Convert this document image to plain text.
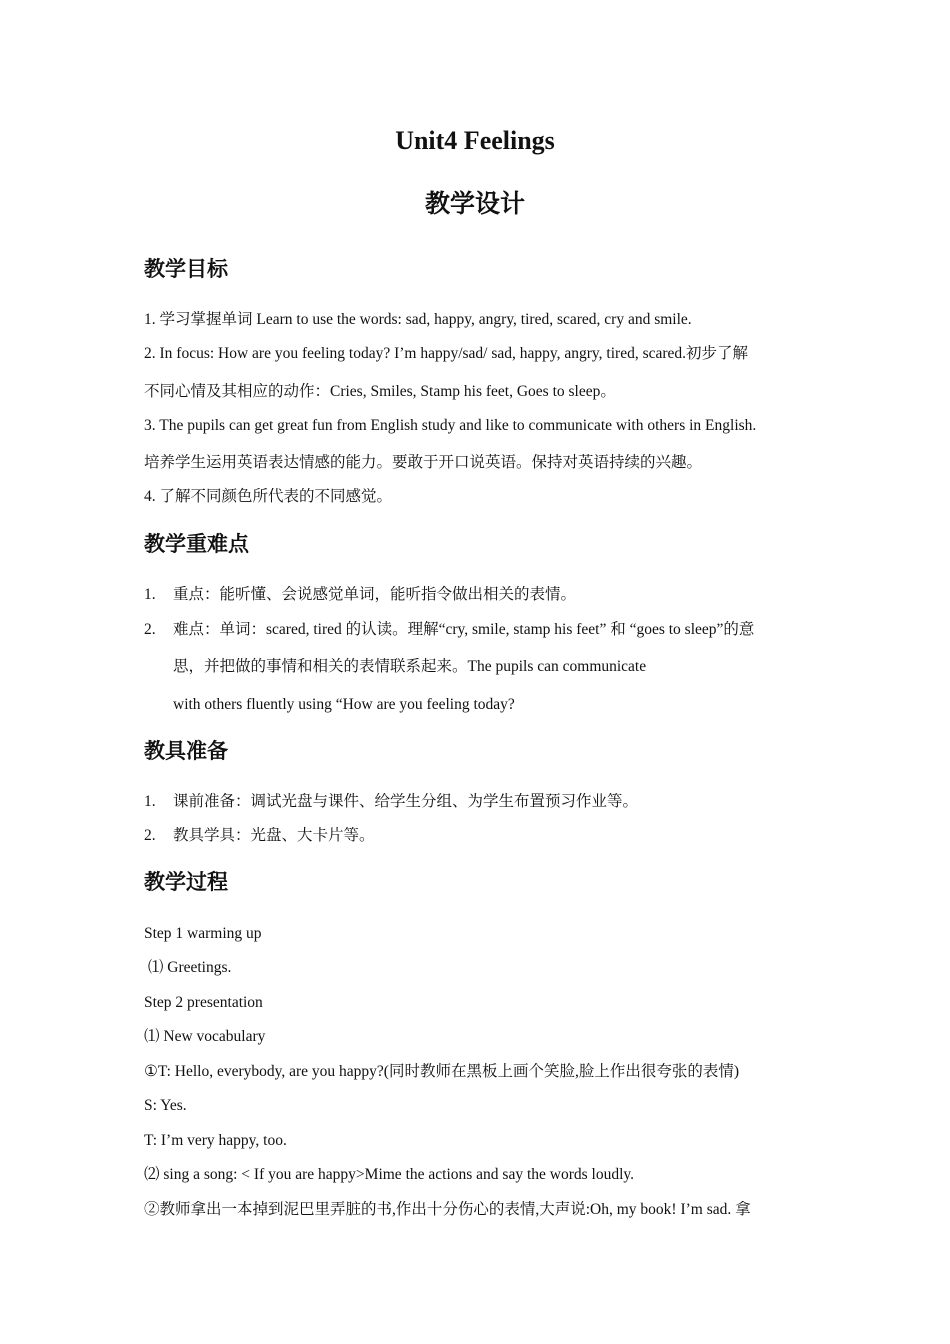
Unit4 Feelings
教学设计
教学目标
1. 学习掌握单词 Learn to use the words: sad, happy, angry, tired, scared, cry and smile.
2. In focus: How are you feeling today? I’m happy/sad/ sad, happy, angry, tired, scared.初步了解
不同心情及其相应的动作：Cries, Smiles, Stamp his feet, Goes to sleep。
3. The pupils can get great fun from English study and like to communicate with others in English.
培养学生运用英语表达情感的能力。要敢于开口说英语。保持对英语持续的兴趣。
4. 了解不同颜色所代表的不同感觉。
教学重难点
1. 重点：能听懂、会说感觉单词，能听指令做出相关的表情。
2. 难点：单词：scared, tired 的认读。理解“cry, smile, stamp his feet” 和 “goes to sleep”的意
思，并把做的事情和相关的表情联系起来。The pupils can communicate
with others fluently using “How are you feeling today?
教具准备
1. 课前准备：调试光盘与课件、给学生分组、为学生布置预习作业等。
2. 教具学具：光盘、大卡片等。
教学过程
Step 1 warming up
⑴ Greetings.
Step 2 presentation
⑴ New vocabulary
①T: Hello, everybody, are you happy?(同时教师在黑板上画个笑脸,脸上作出很夸张的表情)
S: Yes.
T: I’m very happy, too.
⑵ sing a song: < If you are happy>Mime the actions and say the words loudly.
②教师拿出一本掉到泥巴里弄脏的书,作出十分伤心的表情,大声说:Oh, my book! I’m sad. 拿
